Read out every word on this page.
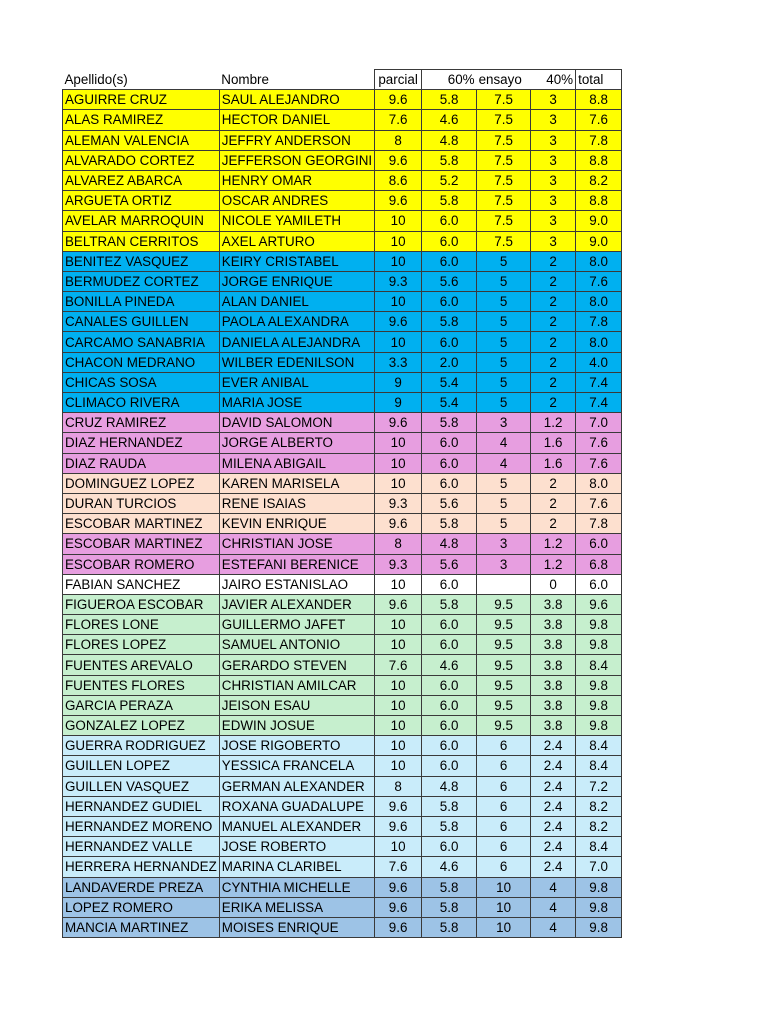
Apellido(s)	Nombre	parcial	60%	ensayo	40%	total
AGUIRRE CRUZ	SAUL ALEJANDRO	9.6	5.8	7.5	3	8.8
ALAS RAMIREZ	HECTOR DANIEL	7.6	4.6	7.5	3	7.6
ALEMAN VALENCIA	JEFFRY ANDERSON	8	4.8	7.5	3	7.8
ALVARADO CORTEZ	JEFFERSON GEORGINI	9.6	5.8	7.5	3	8.8
ALVAREZ ABARCA	HENRY OMAR	8.6	5.2	7.5	3	8.2
ARGUETA ORTIZ	OSCAR ANDRES	9.6	5.8	7.5	3	8.8
AVELAR MARROQUIN	NICOLE YAMILETH	10	6.0	7.5	3	9.0
BELTRAN CERRITOS	AXEL ARTURO	10	6.0	7.5	3	9.0
BENITEZ VASQUEZ	KEIRY CRISTABEL	10	6.0	5	2	8.0
BERMUDEZ CORTEZ	JORGE ENRIQUE	9.3	5.6	5	2	7.6
BONILLA PINEDA	ALAN DANIEL	10	6.0	5	2	8.0
CANALES GUILLEN	PAOLA ALEXANDRA	9.6	5.8	5	2	7.8
CARCAMO SANABRIA	DANIELA ALEJANDRA	10	6.0	5	2	8.0
CHACON MEDRANO	WILBER EDENILSON	3.3	2.0	5	2	4.0
CHICAS SOSA	EVER ANIBAL	9	5.4	5	2	7.4
CLIMACO RIVERA	MARIA JOSE	9	5.4	5	2	7.4
CRUZ RAMIREZ	DAVID SALOMON	9.6	5.8	3	1.2	7.0
DIAZ HERNANDEZ	JORGE ALBERTO	10	6.0	4	1.6	7.6
DIAZ RAUDA	MILENA ABIGAIL	10	6.0	4	1.6	7.6
DOMINGUEZ LOPEZ	KAREN MARISELA	10	6.0	5	2	8.0
DURAN TURCIOS	RENE ISAIAS	9.3	5.6	5	2	7.6
ESCOBAR MARTINEZ	KEVIN ENRIQUE	9.6	5.8	5	2	7.8
ESCOBAR MARTINEZ	CHRISTIAN JOSE	8	4.8	3	1.2	6.0
ESCOBAR ROMERO	ESTEFANI BERENICE	9.3	5.6	3	1.2	6.8
FABIAN SANCHEZ	JAIRO ESTANISLAO	10	6.0		0	6.0
FIGUEROA ESCOBAR	JAVIER ALEXANDER	9.6	5.8	9.5	3.8	9.6
FLORES LONE	GUILLERMO JAFET	10	6.0	9.5	3.8	9.8
FLORES LOPEZ	SAMUEL ANTONIO	10	6.0	9.5	3.8	9.8
FUENTES AREVALO	GERARDO STEVEN	7.6	4.6	9.5	3.8	8.4
FUENTES FLORES	CHRISTIAN AMILCAR	10	6.0	9.5	3.8	9.8
GARCIA PERAZA	JEISON ESAU	10	6.0	9.5	3.8	9.8
GONZALEZ LOPEZ	EDWIN JOSUE	10	6.0	9.5	3.8	9.8
GUERRA RODRIGUEZ	JOSE RIGOBERTO	10	6.0	6	2.4	8.4
GUILLEN LOPEZ	YESSICA FRANCELA	10	6.0	6	2.4	8.4
GUILLEN VASQUEZ	GERMAN ALEXANDER	8	4.8	6	2.4	7.2
HERNANDEZ GUDIEL	ROXANA GUADALUPE	9.6	5.8	6	2.4	8.2
HERNANDEZ MORENO	MANUEL ALEXANDER	9.6	5.8	6	2.4	8.2
HERNANDEZ VALLE	JOSE ROBERTO	10	6.0	6	2.4	8.4
HERRERA HERNANDEZ	MARINA CLARIBEL	7.6	4.6	6	2.4	7.0
LANDAVERDE PREZA	CYNTHIA MICHELLE	9.6	5.8	10	4	9.8
LOPEZ ROMERO	ERIKA MELISSA	9.6	5.8	10	4	9.8
MANCIA MARTINEZ	MOISES ENRIQUE	9.6	5.8	10	4	9.8
